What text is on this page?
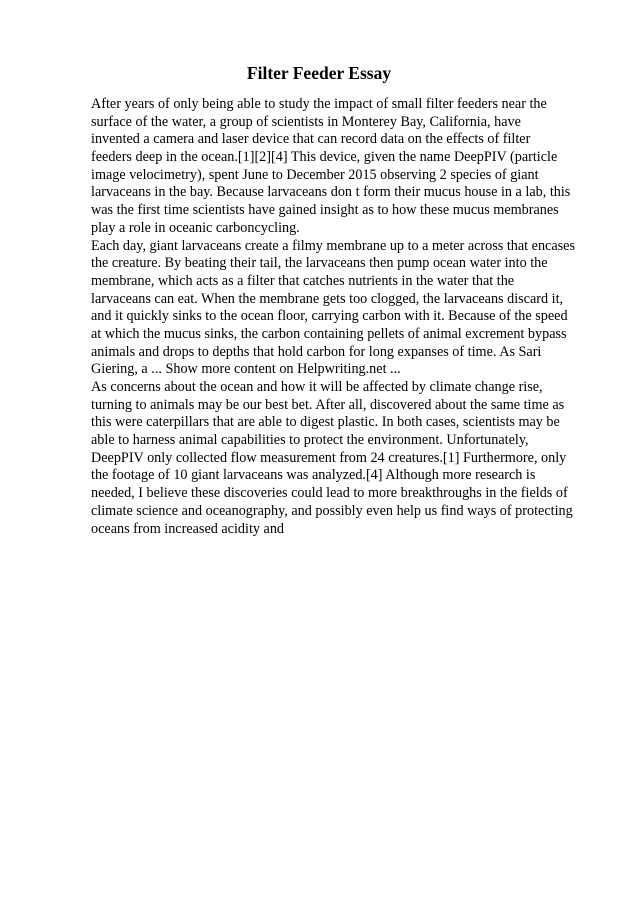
Filter Feeder Essay
After years of only being able to study the impact of small filter feeders near the
surface of the water, a group of scientists in Monterey Bay, California, have
invented a camera and laser device that can record data on the effects of filter
feeders deep in the ocean.[1][2][4] This device, given the name DeepPIV (particle
image velocimetry), spent June to December 2015 observing 2 species of giant
larvaceans in the bay. Because larvaceans don t form their mucus house in a lab, this
was the first time scientists have gained insight as to how these mucus membranes
play a role in oceanic carboncycling.
Each day, giant larvaceans create a filmy membrane up to a meter across that encases
the creature. By beating their tail, the larvaceans then pump ocean water into the
membrane, which acts as a filter that catches nutrients in the water that the
larvaceans can eat. When the membrane gets too clogged, the larvaceans discard it,
and it quickly sinks to the ocean floor, carrying carbon with it. Because of the speed
at which the mucus sinks, the carbon containing pellets of animal excrement bypass
animals and drops to depths that hold carbon for long expanses of time. As Sari
Giering, a ... Show more content on Helpwriting.net ...
As concerns about the ocean and how it will be affected by climate change rise,
turning to animals may be our best bet. After all, discovered about the same time as
this were caterpillars that are able to digest plastic. In both cases, scientists may be
able to harness animal capabilities to protect the environment. Unfortunately,
DeepPIV only collected flow measurement from 24 creatures.[1] Furthermore, only
the footage of 10 giant larvaceans was analyzed.[4] Although more research is
needed, I believe these discoveries could lead to more breakthroughs in the fields of
climate science and oceanography, and possibly even help us find ways of protecting
oceans from increased acidity and
